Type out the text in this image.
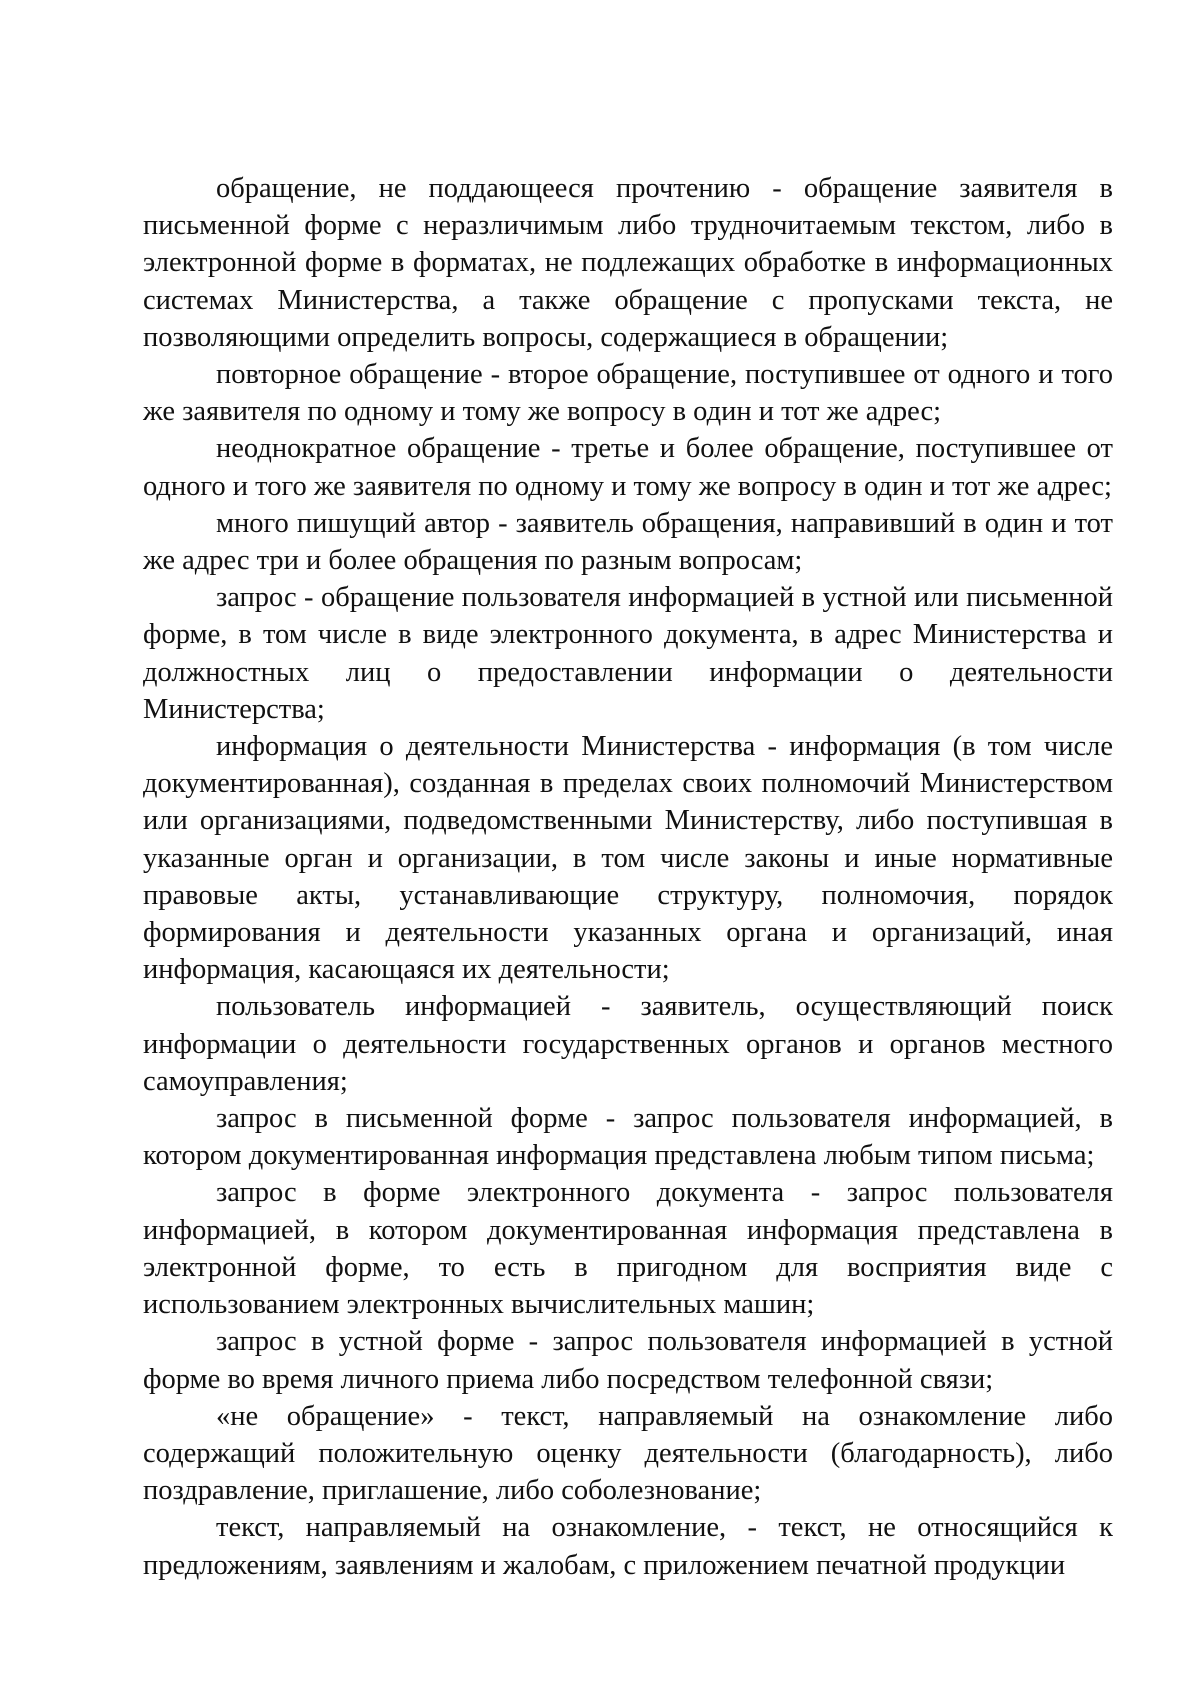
обращение, не поддающееся прочтению - обращение заявителя в письменной форме с неразличимым либо трудночитаемым текстом, либо в электронной форме в форматах, не подлежащих обработке в информационных системах Министерства, а также обращение с пропусками текста, не позволяющими определить вопросы, содержащиеся в обращении;

повторное обращение - второе обращение, поступившее от одного и того же заявителя по одному и тому же вопросу в один и тот же адрес;

неоднократное обращение - третье и более обращение, поступившее от одного и того же заявителя по одному и тому же вопросу в один и тот же адрес;

много пишущий автор - заявитель обращения, направивший в один и тот же адрес три и более обращения по разным вопросам;

запрос - обращение пользователя информацией в устной или письменной форме, в том числе в виде электронного документа, в адрес Министерства и должностных лиц о предоставлении информации о деятельности Министерства;

информация о деятельности Министерства - информация (в том числе документированная), созданная в пределах своих полномочий Министерством или организациями, подведомственными Министерству, либо поступившая в указанные орган и организации, в том числе законы и иные нормативные правовые акты, устанавливающие структуру, полномочия, порядок формирования и деятельности указанных органа и организаций, иная информация, касающаяся их деятельности;

пользователь информацией - заявитель, осуществляющий поиск информации о деятельности государственных органов и органов местного самоуправления;

запрос в письменной форме - запрос пользователя информацией, в котором документированная информация представлена любым типом письма;

запрос в форме электронного документа - запрос пользователя информацией, в котором документированная информация представлена в электронной форме, то есть в пригодном для восприятия виде с использованием электронных вычислительных машин;

запрос в устной форме - запрос пользователя информацией в устной форме во время личного приема либо посредством телефонной связи;

«не обращение» - текст, направляемый на ознакомление либо содержащий положительную оценку деятельности (благодарность), либо поздравление, приглашение, либо соболезнование;

текст, направляемый на ознакомление, - текст, не относящийся к предложениям, заявлениям и жалобам, с приложением печатной продукции
